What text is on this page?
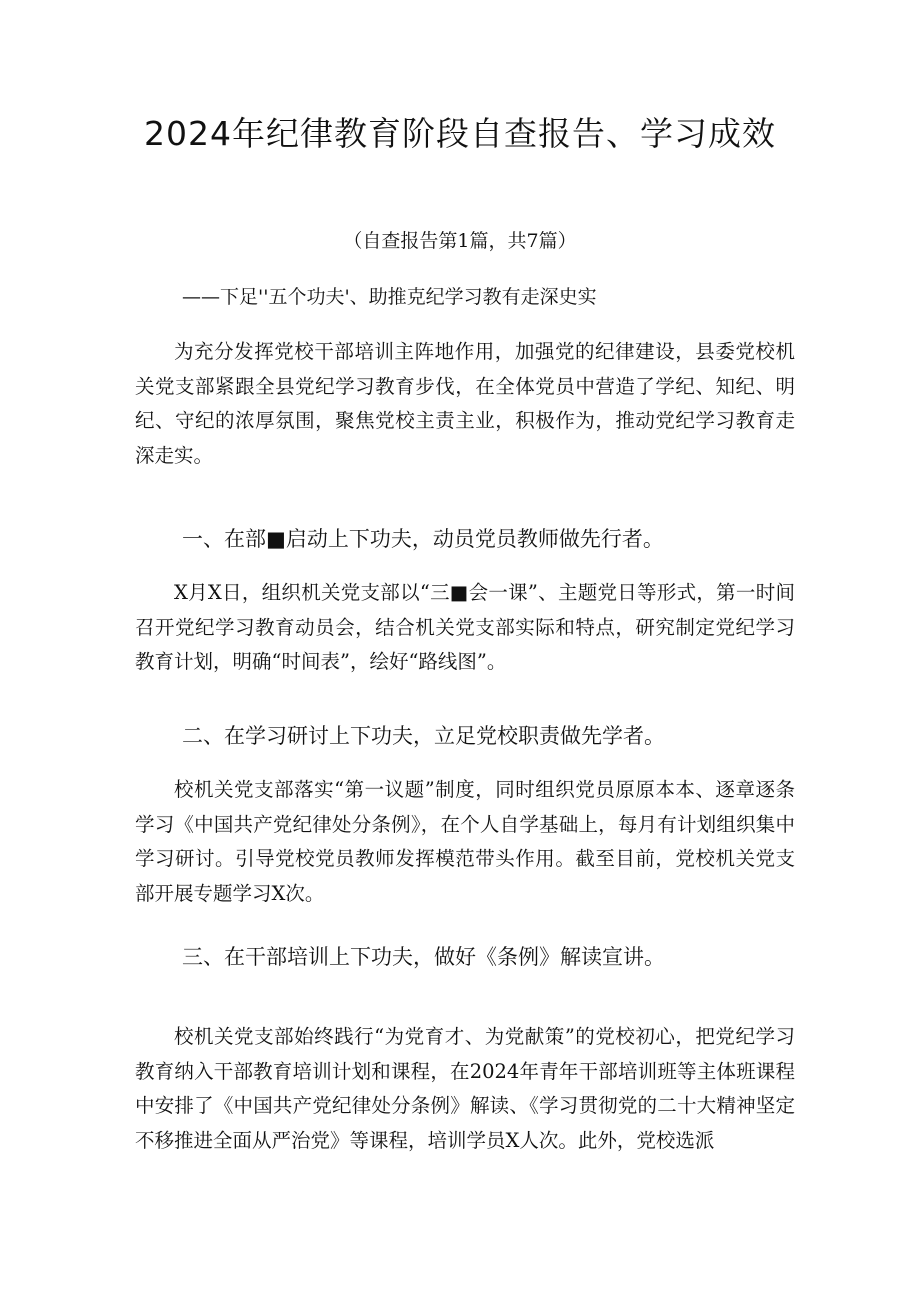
2024年纪律教育阶段自查报告、学习成效
（自查报告第1篇，共7篇）
——下足''五个功夫'、助推克纪学习教有走深史实

为充分发挥党校干部培训主阵地作用，加强党的纪律建设，县委党校机关党支部紧跟全县党纪学习教育步伐，在全体党员中营造了学纪、知纪、明纪、守纪的浓厚氛围，聚焦党校主责主业，积极作为，推动党纪学习教育走深走实。

一、在部■启动上下功夫，动员党员教师做先行者。

X月X日，组织机关党支部以“三■会一课”、主题党日等形式，第一时间召开党纪学习教育动员会，结合机关党支部实际和特点，研究制定党纪学习教育计划，明确“时间表”，绘好“路线图”。

二、在学习研讨上下功夫，立足党校职责做先学者。

校机关党支部落实“第一议题”制度，同时组织党员原原本本、逐章逐条学习《中国共产党纪律处分条例》，在个人自学基础上，每月有计划组织集中学习研讨。引导党校党员教师发挥模范带头作用。截至目前，党校机关党支部开展专题学习X次。

三、在干部培训上下功夫，做好《条例》解读宣讲。

校机关党支部始终践行“为党育才、为党献策”的党校初心，把党纪学习教育纳入干部教育培训计划和课程，在2024年青年干部培训班等主体班课程中安排了《中国共产党纪律处分条例》解读、《学习贯彻党的二十大精神坚定不移推进全面从严治党》等课程，培训学员X人次。此外，党校选派
